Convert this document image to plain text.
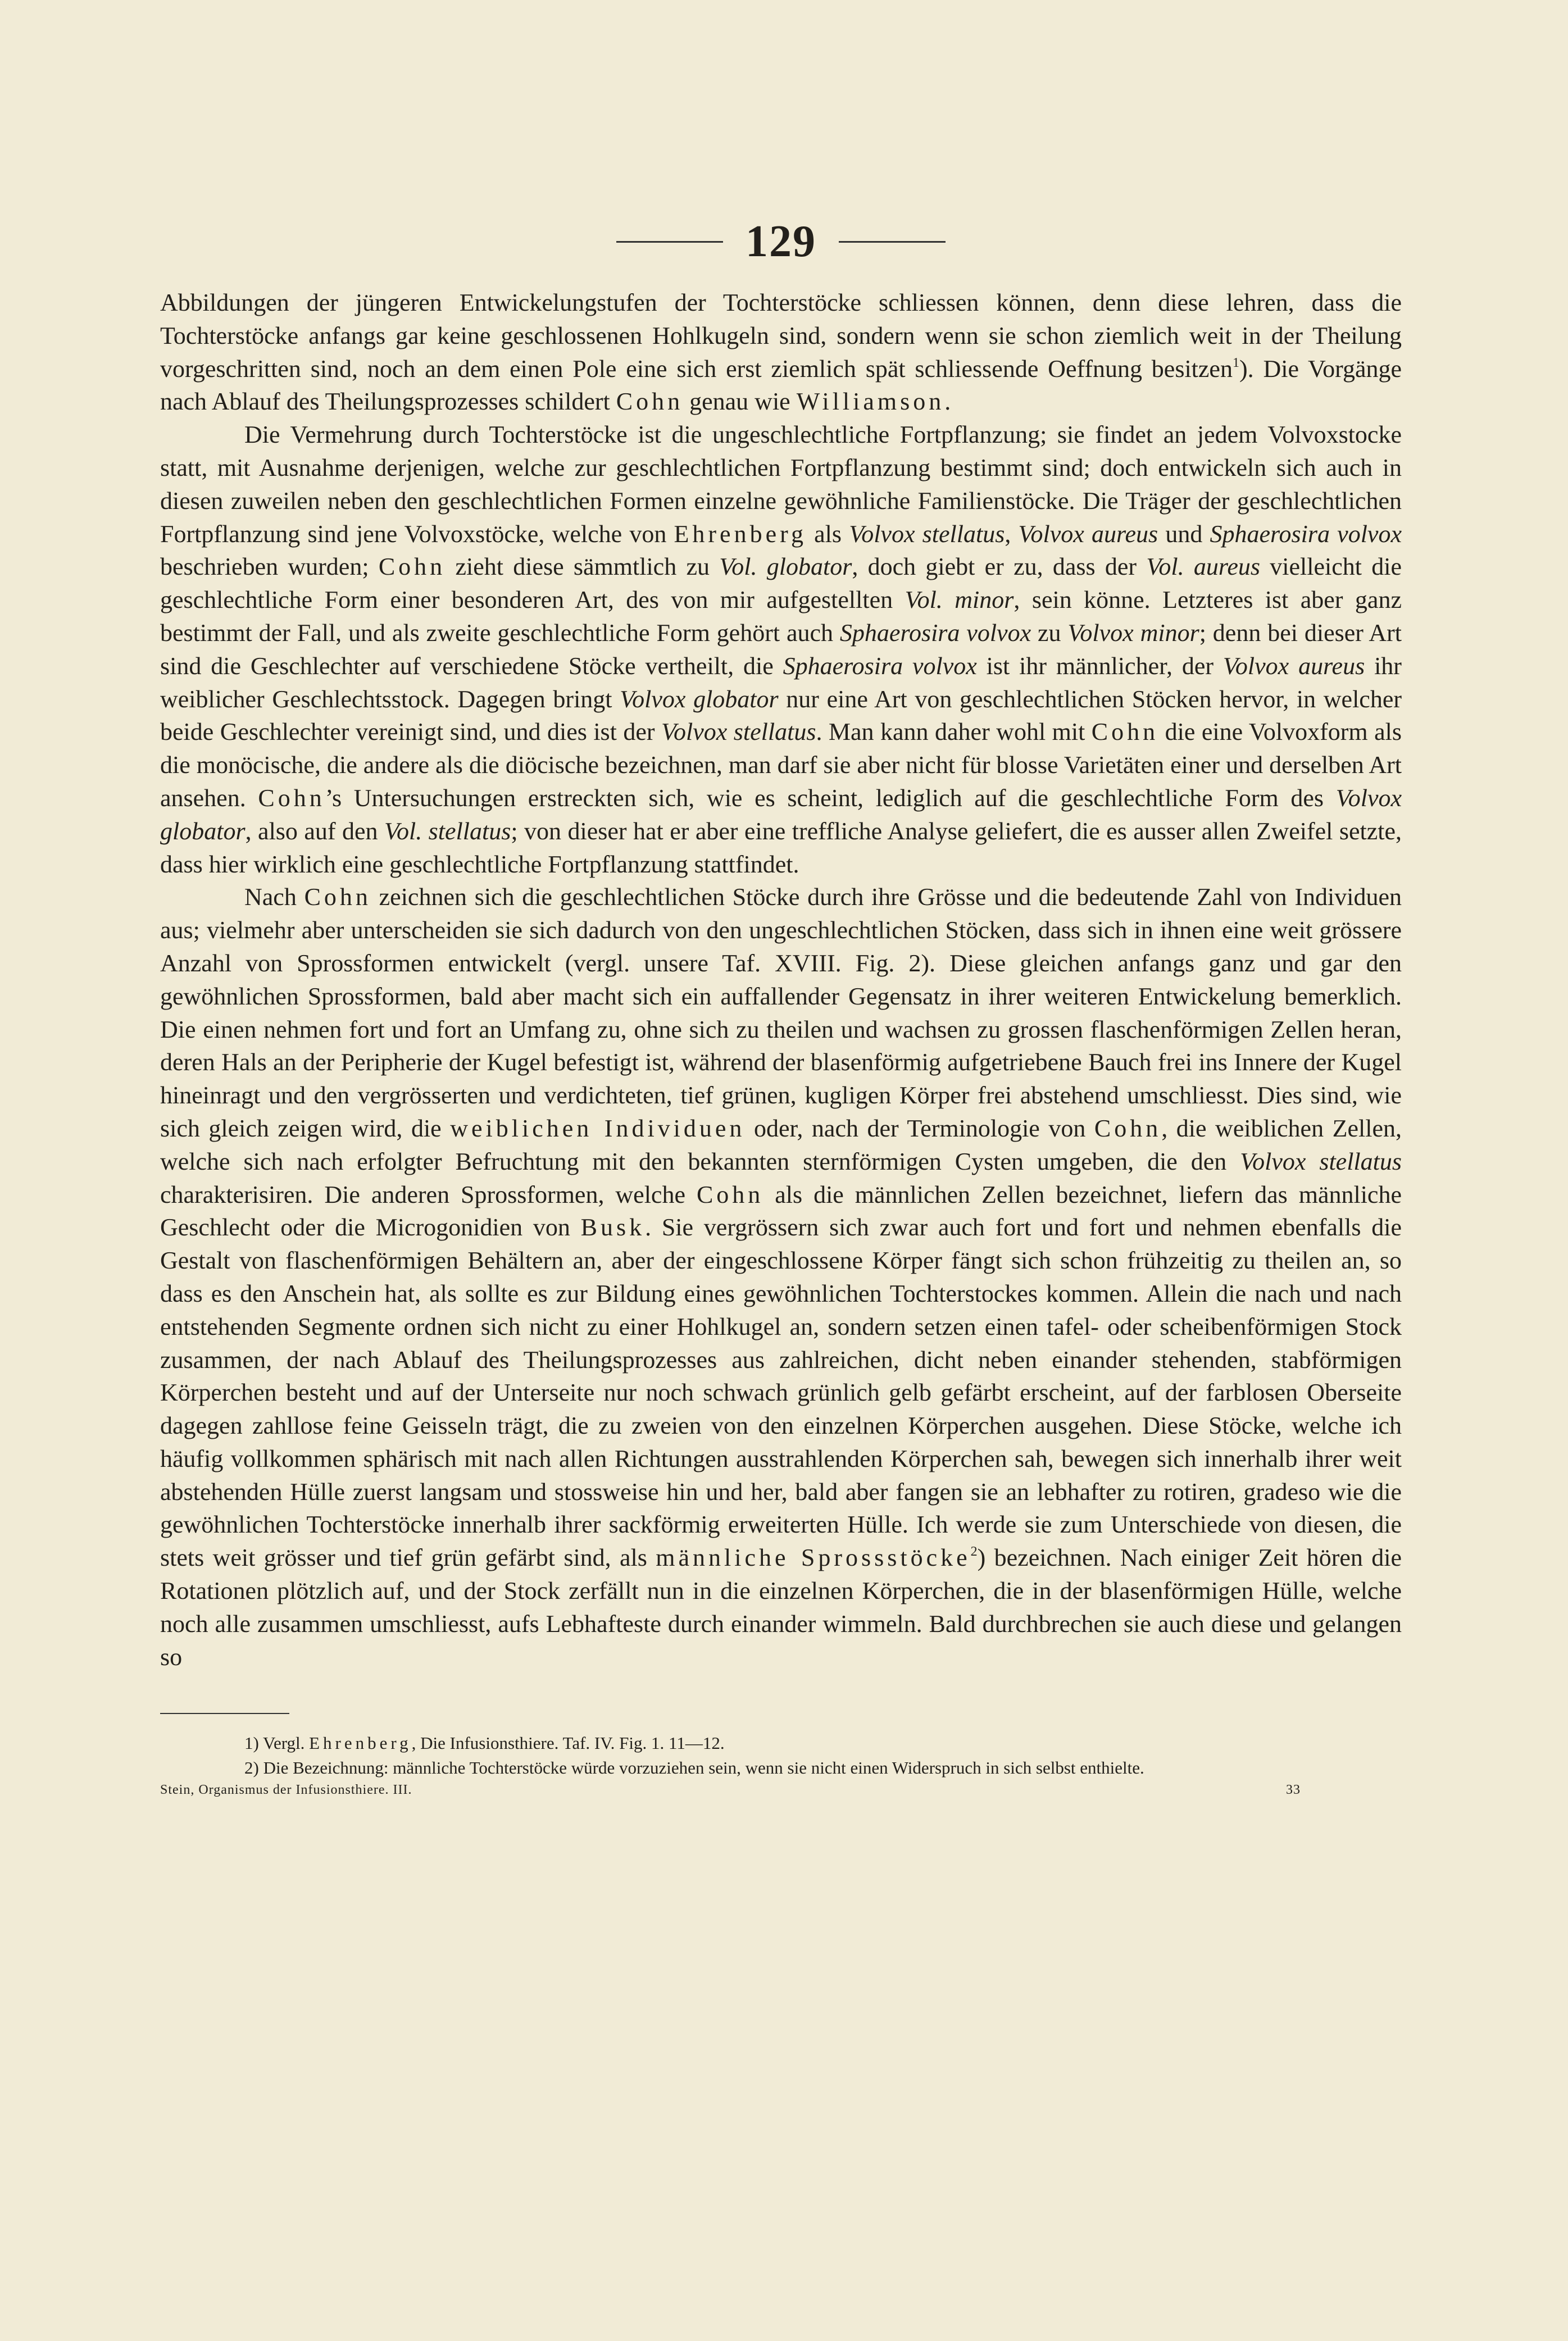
129

Abbildungen der jüngeren Entwickelungstufen der Tochterstöcke schliessen können, denn diese lehren, dass die Tochterstöcke anfangs gar keine geschlossenen Hohlkugeln sind, sondern wenn sie schon ziemlich weit in der Theilung vorgeschritten sind, noch an dem einen Pole eine sich erst ziemlich spät schliessende Oeffnung besitzen$^1$). Die Vorgänge nach Ablauf des Theilungsprozesses schildert Cohn genau wie Williamson.

Die Vermehrung durch Tochterstöcke ist die ungeschlechtliche Fortpflanzung; sie findet an jedem Volvoxstocke statt, mit Ausnahme derjenigen, welche zur geschlechtlichen Fortpflanzung bestimmt sind; doch entwickeln sich auch in diesen zuweilen neben den geschlechtlichen Formen einzelne gewöhnliche Familienstöcke. Die Träger der geschlechtlichen Fortpflanzung sind jene Volvoxstöcke, welche von Ehrenberg als Volvox stellatus, Volvox aureus und Sphaerosira volvox beschrieben wurden; Cohn zieht diese sämmtlich zu Vol. globator, doch giebt er zu, dass der Vol. aureus vielleicht die geschlechtliche Form einer besonderen Art, des von mir aufgestellten Vol. minor, sein könne. Letzteres ist aber ganz bestimmt der Fall, und als zweite geschlechtliche Form gehört auch Sphaerosira volvox zu Volvox minor; denn bei dieser Art sind die Geschlechter auf verschiedene Stöcke vertheilt, die Sphaerosira volvox ist ihr männlicher, der Volvox aureus ihr weiblicher Geschlechtsstock. Dagegen bringt Volvox globator nur eine Art von geschlechtlichen Stöcken hervor, in welcher beide Geschlechter vereinigt sind, und dies ist der Volvox stellatus. Man kann daher wohl mit Cohn die eine Volvoxform als die monöcische, die andere als die diöcische bezeichnen, man darf sie aber nicht für blosse Varietäten einer und derselben Art ansehen. Cohn’s Untersuchungen erstreckten sich, wie es scheint, lediglich auf die geschlechtliche Form des Volvox globator, also auf den Vol. stellatus; von dieser hat er aber eine treffliche Analyse geliefert, die es ausser allen Zweifel setzte, dass hier wirklich eine geschlechtliche Fortpflanzung stattfindet.

Nach Cohn zeichnen sich die geschlechtlichen Stöcke durch ihre Grösse und die bedeutende Zahl von Individuen aus; vielmehr aber unterscheiden sie sich dadurch von den ungeschlechtlichen Stöcken, dass sich in ihnen eine weit grössere Anzahl von Sprossformen entwickelt (vergl. unsere Taf. XVIII. Fig. 2). Diese gleichen anfangs ganz und gar den gewöhnlichen Sprossformen, bald aber macht sich ein auffallender Gegensatz in ihrer weiteren Entwickelung bemerklich. Die einen nehmen fort und fort an Umfang zu, ohne sich zu theilen und wachsen zu grossen flaschenförmigen Zellen heran, deren Hals an der Peripherie der Kugel befestigt ist, während der blasenförmig aufgetriebene Bauch frei ins Innere der Kugel hineinragt und den vergrösserten und verdichteten, tief grünen, kugligen Körper frei abstehend umschliesst. Dies sind, wie sich gleich zeigen wird, die weiblichen Individuen oder, nach der Terminologie von Cohn, die weiblichen Zellen, welche sich nach erfolgter Befruchtung mit den bekannten sternförmigen Cysten umgeben, die den Volvox stellatus charakterisiren. Die anderen Sprossformen, welche Cohn als die männlichen Zellen bezeichnet, liefern das männliche Geschlecht oder die Microgonidien von Busk. Sie vergrössern sich zwar auch fort und fort und nehmen ebenfalls die Gestalt von flaschenförmigen Behältern an, aber der eingeschlossene Körper fängt sich schon frühzeitig zu theilen an, so dass es den Anschein hat, als sollte es zur Bildung eines gewöhnlichen Tochterstockes kommen. Allein die nach und nach entstehenden Segmente ordnen sich nicht zu einer Hohlkugel an, sondern setzen einen tafel- oder scheibenförmigen Stock zusammen, der nach Ablauf des Theilungsprozesses aus zahlreichen, dicht neben einander stehenden, stabförmigen Körperchen besteht und auf der Unterseite nur noch schwach grünlich gelb gefärbt erscheint, auf der farblosen Oberseite dagegen zahllose feine Geisseln trägt, die zu zweien von den einzelnen Körperchen ausgehen. Diese Stöcke, welche ich häufig vollkommen sphärisch mit nach allen Richtungen ausstrahlenden Körperchen sah, bewegen sich innerhalb ihrer weit abstehenden Hülle zuerst langsam und stossweise hin und her, bald aber fangen sie an lebhafter zu rotiren, gradeso wie die gewöhnlichen Tochterstöcke innerhalb ihrer sackförmig erweiterten Hülle. Ich werde sie zum Unterschiede von diesen, die stets weit grösser und tief grün gefärbt sind, als männliche Sprossstöcke$^2$) bezeichnen. Nach einiger Zeit hören die Rotationen plötzlich auf, und der Stock zerfällt nun in die einzelnen Körperchen, die in der blasenförmigen Hülle, welche noch alle zusammen umschliesst, aufs Lebhafteste durch einander wimmeln. Bald durchbrechen sie auch diese und gelangen so

1) Vergl. Ehrenberg, Die Infusionsthiere. Taf. IV. Fig. 1. 11—12.

2) Die Bezeichnung: männliche Tochterstöcke würde vorzuziehen sein, wenn sie nicht einen Widerspruch in sich selbst enthielte.

Stein, Organismus der Infusionsthiere. III.	33
